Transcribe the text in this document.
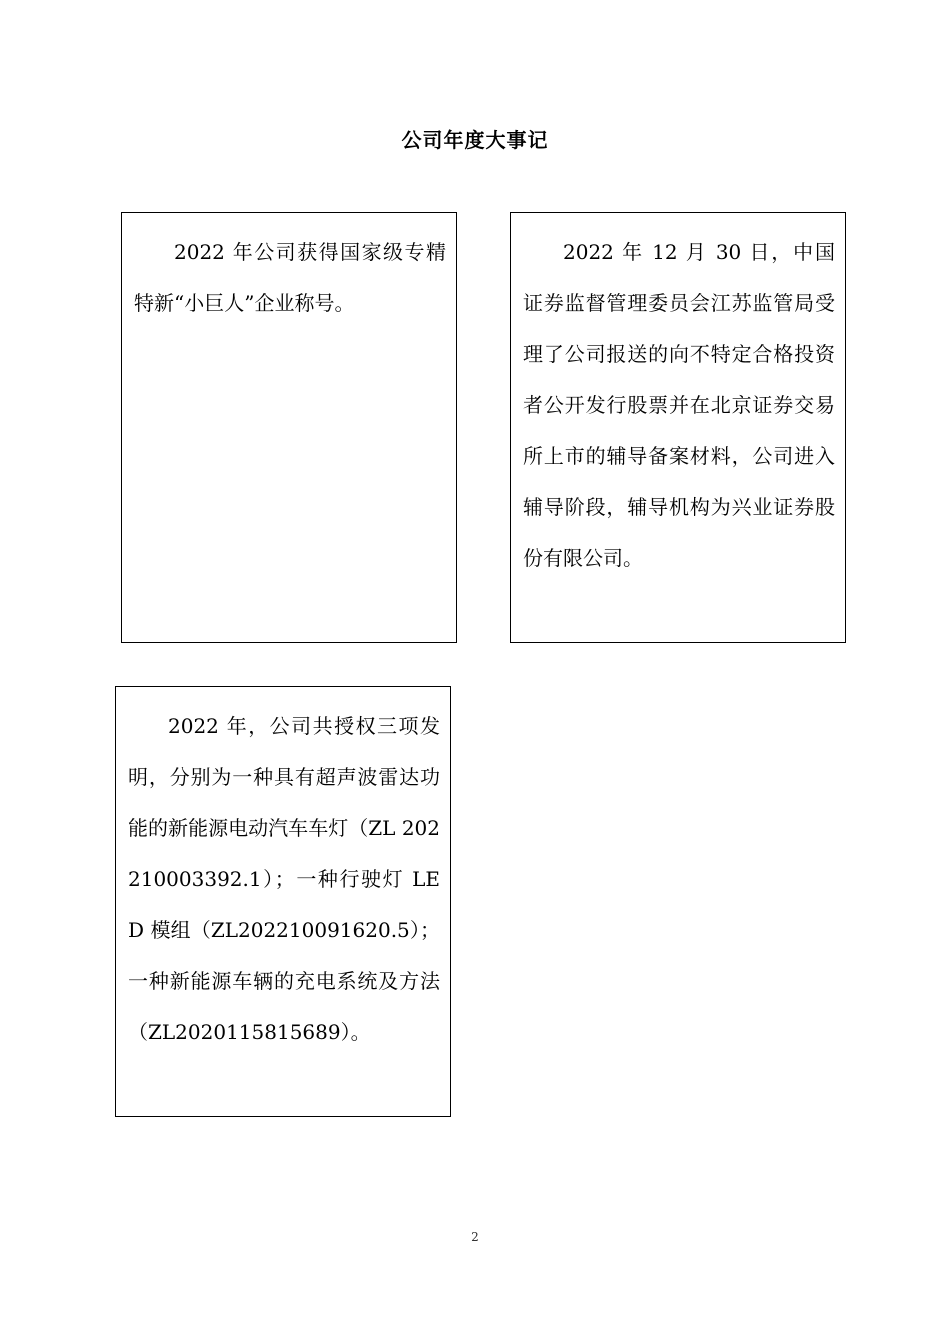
公司年度大事记
2022 年公司获得国家级专精特新“小巨人”企业称号。
2022 年 12 月 30 日，中国证券监督管理委员会江苏监管局受理了公司报送的向不特定合格投资者公开发行股票并在北京证券交易所上市的辅导备案材料，公司进入辅导阶段，辅导机构为兴业证券股份有限公司。
2022 年，公司共授权三项发明，分别为一种具有超声波雷达功能的新能源电动汽车车灯（ZL 202210003392.1）；一种行驶灯 LED 模组（ZL202210091620.5）；一种新能源车辆的充电系统及方法（ZL2020115815689）。
2
